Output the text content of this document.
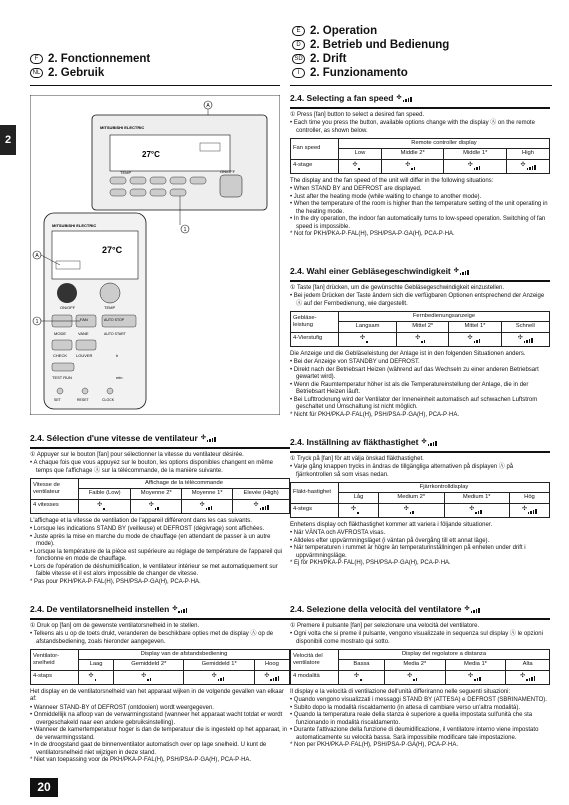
E 2. Operation
D 2. Betrieb und Bedienung
SD 2. Drift
I 2. Funzionamento
F 2. Fonctionnement
NL 2. Gebruik
2
A
MITSUBISHI ELECTRIC
27°C
ON/OFF
TEMP
1
MITSUBISHI ELECTRIC
27°C
ON/OFF	TEMP
MODE
FAN
VANE
AUTO STOP
AUTO START
CHECK LOUVER	h
TEST RUN	min
SET	RESET	CLOCK
A
1
2.4. Selecting a fan speed ✣

① Press [fan] button to select a desired fan speed.

• Each time you press the button, available options change with the display Ⓐ on the remote controller, as shown below.
Fan speed	Remote controller display			
	Low	Middle 2*	Middle 1*	High
4-stage	✣	✣	✣	✣

The display and the fan speed of the unit will differ in the following situations:

• When STAND BY and DEFROST are displayed.
• Just after the heating mode (while waiting to change to another mode).
• When the temperature of the room is higher than the temperature setting of the unit operating in the heating mode.
• In the dry operation, the indoor fan automatically turns to low-speed operation. Switching of fan speed is impossible.

* Not for PKH/PKA-P·FAL(H), PSH/PSA-P·GA(H), PCA-P·HA.

2.4. Wahl einer Gebläsegeschwindigkeit ✣

① Taste [fan] drücken, um die gewünschte Gebläsegeschwindigkeit einzustellen.

• Bei jedem Drücken der Taste ändern sich die verfügbaren Optionen entsprechend der Anzeige Ⓐ auf der Fernbedienung, wie dargestellt.
Gebläse-leistung	Fernbedienungsanzeige			
	Langsam	Mittel 2*	Mittel 1*	Schnell
4-Vierstufig	✣	✣	✣	✣

Die Anzeige und die Gebläseleistung der Anlage ist in den folgenden Situationen anders.

• Bei der Anzeige von STANDBY und DEFROST.
• Direkt nach der Betriebsart Heizen (während auf das Wechseln zu einer anderen Betriebsart gewartet wird).
• Wenn die Raumtemperatur höher ist als die Temperatureinstellung der Anlage, die in der Betriebsart Heizen läuft.
• Bei Lufttrocknung wird der Ventilator der Inneneinheit automatisch auf schwachen Luftstrom geschaltet und Umschaltung ist nicht möglich.

* Nicht für PKH/PKA-P·FAL(H), PSH/PSA-P·GA(H), PCA-P·HA.

2.4. Inställning av fläkthastighet ✣

① Tryck på [fan] för att välja önskad fläkthastighet.

• Varje gång knappen trycks in ändras de tillgängliga alternativen på displayen Ⓐ på fjärrkontrollen så som visas nedan.
Fläkt-hastighet	Fjärrkontrolldisplay			
	Låg	Medium 2*	Medium 1*	Hög
4-stegs	✣	✣	✣	✣

Enhetens display och fläkthastighet kommer att variera i följande situationer.

• När VÄNTA och AVFROSTA visas.
• Alldeles efter uppvärmningsläget (i väntan på övergång till ett annat läge).
• När temperaturen i rummet är högre än temperaturinställningen på enheten under drift i uppvärmningsläge.

* Ej för PKH/PKA-P·FAL(H), PSH/PSA-P·GA(H), PCA-P·HA.

2.4. Selezione della velocità del ventilatore ✣

① Premere il pulsante [fan] per selezionare una velocità del ventilatore.

• Ogni volta che si preme il pulsante, vengono visualizzate in sequenza sul display Ⓐ le opzioni disponibili come mostrato qui sotto.
Velocità del ventilatore	Display del regolatore a distanza			
	Bassa	Media 2*	Media 1*	Alta
4 modalità	✣	✣	✣	✣

Il display e la velocità di ventilazione dell'unità differiranno nelle seguenti situazioni:

• Quando vengono visualizzati i messaggi STAND BY (ATTESA) e DEFROST (SBRINAMENTO).
• Subito dopo la modalità riscaldamento (in attesa di cambiare verso un'altra modalità).
• Quando la temperatura reale della stanza è superiore a quella impostata sull'unità che sta funzionando in modalità riscaldamento.
• Durante l'attivazione della funzione di deumidificazione, il ventilatore interno viene impostato automaticamente su velocità bassa. Sarà impossibile modificare tale impostazione.

* Non per PKH/PKA-P·FAL(H), PSH/PSA-P·GA(H), PCA-P·HA.

2.4. Sélection d'une vitesse de ventilateur ✣

① Appuyer sur le bouton [fan] pour sélectionner la vitesse du ventilateur désirée.

• A chaque fois que vous appuyez sur le bouton, les options disponibles changent en même temps que l'affichage Ⓐ sur la télécommande, de la manière suivante.
Vitesse de ventilateur	Affichage de la télécommande			
	Faible (Low)	Moyenne 2*	Moyenne 1*	Elevée (High)
4 vitesses	✣	✣	✣	✣

L'affichage et la vitesse de ventilation de l'appareil différeront dans les cas suivants.

• Lorsque les indications STAND BY (veilleuse) et DEFROST (dégivrage) sont affichées.
• Juste après la mise en marche du mode de chauffage (en attendant de passer à un autre mode).
• Lorsque la température de la pièce est supérieure au réglage de température de l'appareil qui fonctionne en mode de chauffage.
• Lors de l'opération de déshumidification, le ventilateur intérieur se met automatiquement sur faible vitesse et il est alors impossible de changer de vitesse.

* Pas pour PKH/PKA-P·FAL(H), PSH/PSA-P·GA(H), PCA-P·HA.

2.4. De ventilatorsnelheid instellen ✣

① Druk op [fan] om de gewenste ventilatorsnelheid in te stellen.

• Telkens als u op de toets drukt, veranderen de beschikbare opties met de display Ⓐ op de afstandsbediening, zoals hieronder aangegeven.
Ventilator-snelheid	Display van de afstandsbediening			
	Laag	Gemiddeld 2*	Gemiddeld 1*	Hoog
4-staps	✣	✣	✣	✣

Het display en de ventilatorsnelheid van het apparaat wijken in de volgende gevallen van elkaar af:

• Wanneer STAND-BY of DEFROST (ontdooien) wordt weergegeven.
• Onmiddellijk na afloop van de verwarmingsstand (wanneer het apparaat wacht totdat er wordt overgeschakeld naar een andere gebruiksinstelling).
• Wanneer de kamertemperatuur hoger is dan de temperatuur die is ingesteld op het apparaat, in de verwarmingsstand.
• In de droogstand gaat de binnenventilator automatisch over op lage snelheid. U kunt de ventilatorsnelheid niet wijzigen in deze stand.

* Niet van toepassing voor de PKH/PKA-P·FAL(H), PSH/PSA-P·GA(H), PCA-P·HA.

20
